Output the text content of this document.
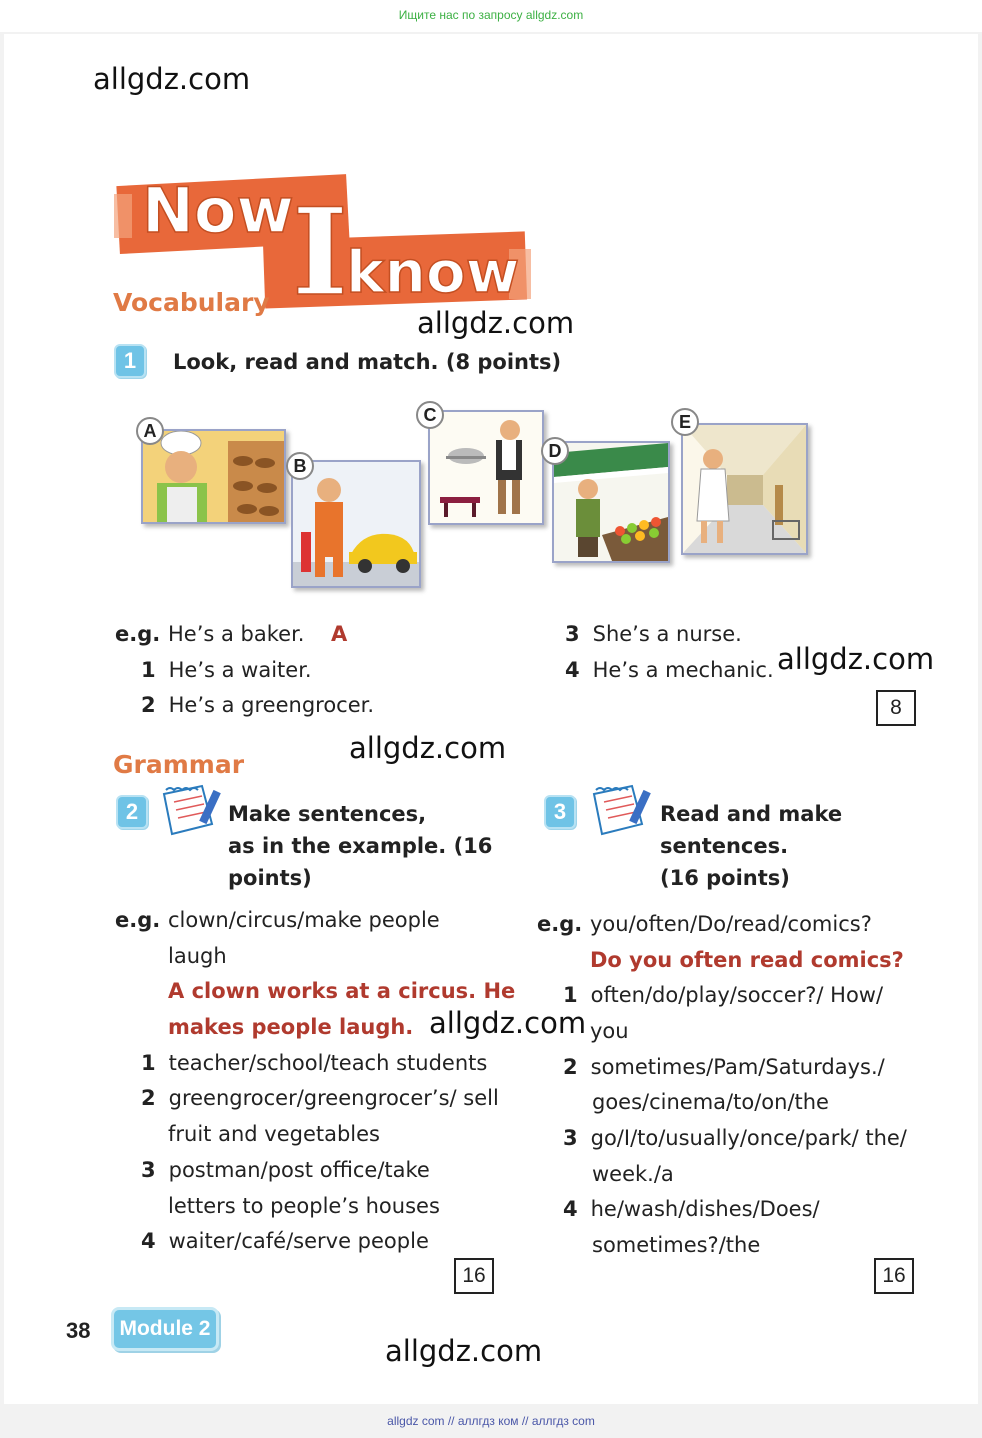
Ищите нас по запросу allgdz.com
allgdz.com
allgdz.com
allgdz.com
allgdz.com
allgdz.com
allgdz.com
Now
I
know
Vocabulary
1	Look, read and match. (8 points)
A
B
C
D
E
e.g. He’s a baker. A
1 He’s a waiter.
2 He’s a greengrocer.
3 She’s a nurse.
4 He’s a mechanic.
8
Grammar
2	Make sentences,
as in the example. (16
points)
e.g. clown/circus/make people
laugh
A clown works at a circus. He
makes people laugh.
1 teacher/school/teach students
2 greengrocer/greengrocer’s/ sell
fruit and vegetables
3 postman/post office/take
letters to people’s houses
4 waiter/café/serve people
16
3	Read and make
sentences.
(16 points)
e.g. you/often/Do/read/comics?
Do you often read comics?
1 often/do/play/soccer?/ How/
you
2 sometimes/Pam/Saturdays./
goes/cinema/to/on/the
3 go/I/to/usually/once/park/ the/
week./a
4 he/wash/dishes/Does/
sometimes?/the
16
38	Module 2
allgdz com // аллгдз ком // аллгдз com
